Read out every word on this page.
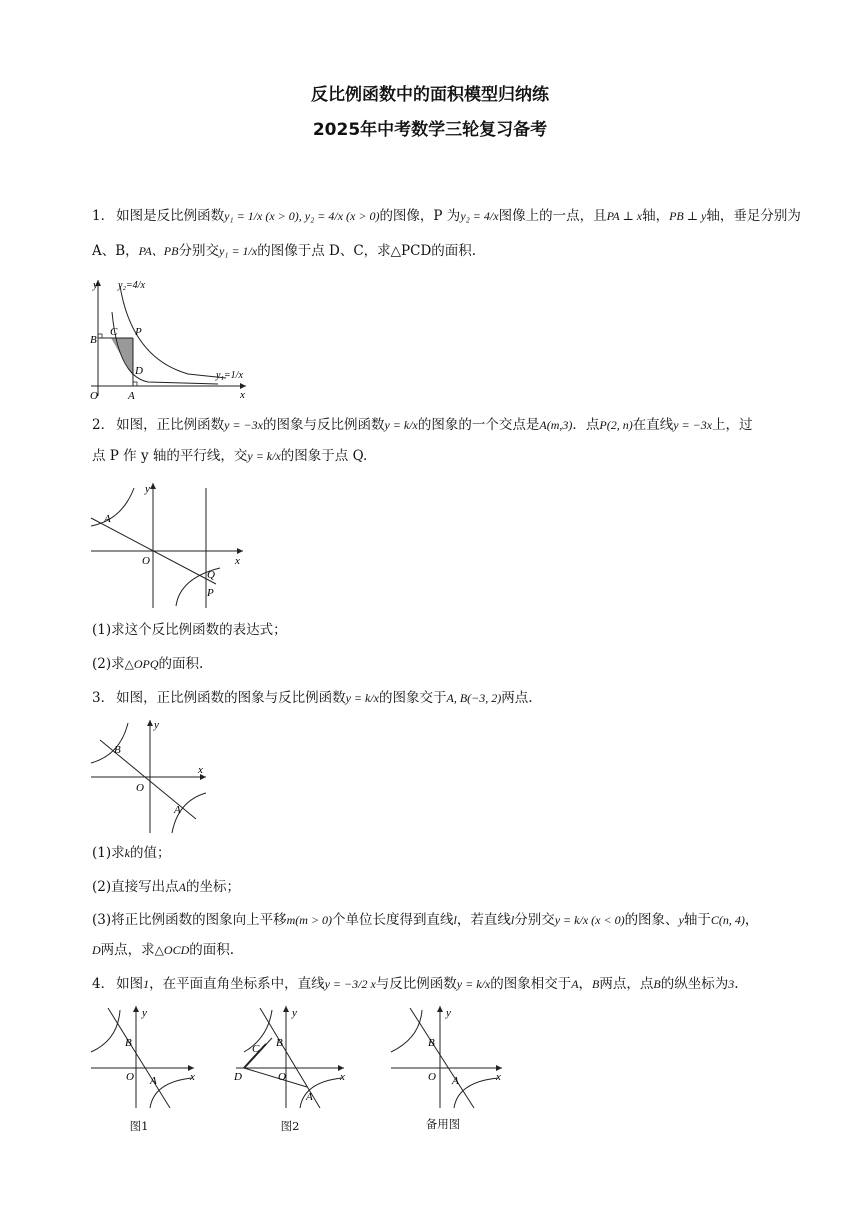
反比例函数中的面积模型归纳练
2025年中考数学三轮复习备考
1． 如图是反比例函数y₁ = 1/x (x > 0), y₂ = 4/x (x > 0)的图像，P 为y₂ = 4/x图像上的一点，且PA ⊥ x轴，PB ⊥ y轴，垂足分别为
A、B，PA、PB分别交y₁ = 1/x的图像于点 D、C，求△PCD的面积.
y
x
O	A
B
C P
D
y₂=4/x
y₁=1/x
2． 如图，正比例函数y = −3x的图象与反比例函数y = k/x的图象的一个交点是A(m,3)．点P(2, n)在直线y = −3x上，过
点 P 作 y 轴的平行线，交y = k/x的图象于点 Q.
y
x
O
A
Q
P
(1)求这个反比例函数的表达式；
(2)求△OPQ的面积.
3． 如图，正比例函数的图象与反比例函数y = k/x的图象交于A, B(−3, 2)两点.
y
x
O
A
B
(1)求k的值；
(2)直接写出点A的坐标；
(3)将正比例函数的图象向上平移m(m > 0)个单位长度得到直线l，若直线l分别交y = k/x (x < 0)的图象、y轴于C(n, 4)，
D两点，求△OCD的面积.
4． 如图1，在平面直角坐标系中，直线y = −3/2 x与反比例函数y = k/x的图象相交于A，B两点，点B的纵坐标为3.
y
x
O A
B
图1
y
x
O
A
B
C
D
图2
y
x
O A
B
备用图
